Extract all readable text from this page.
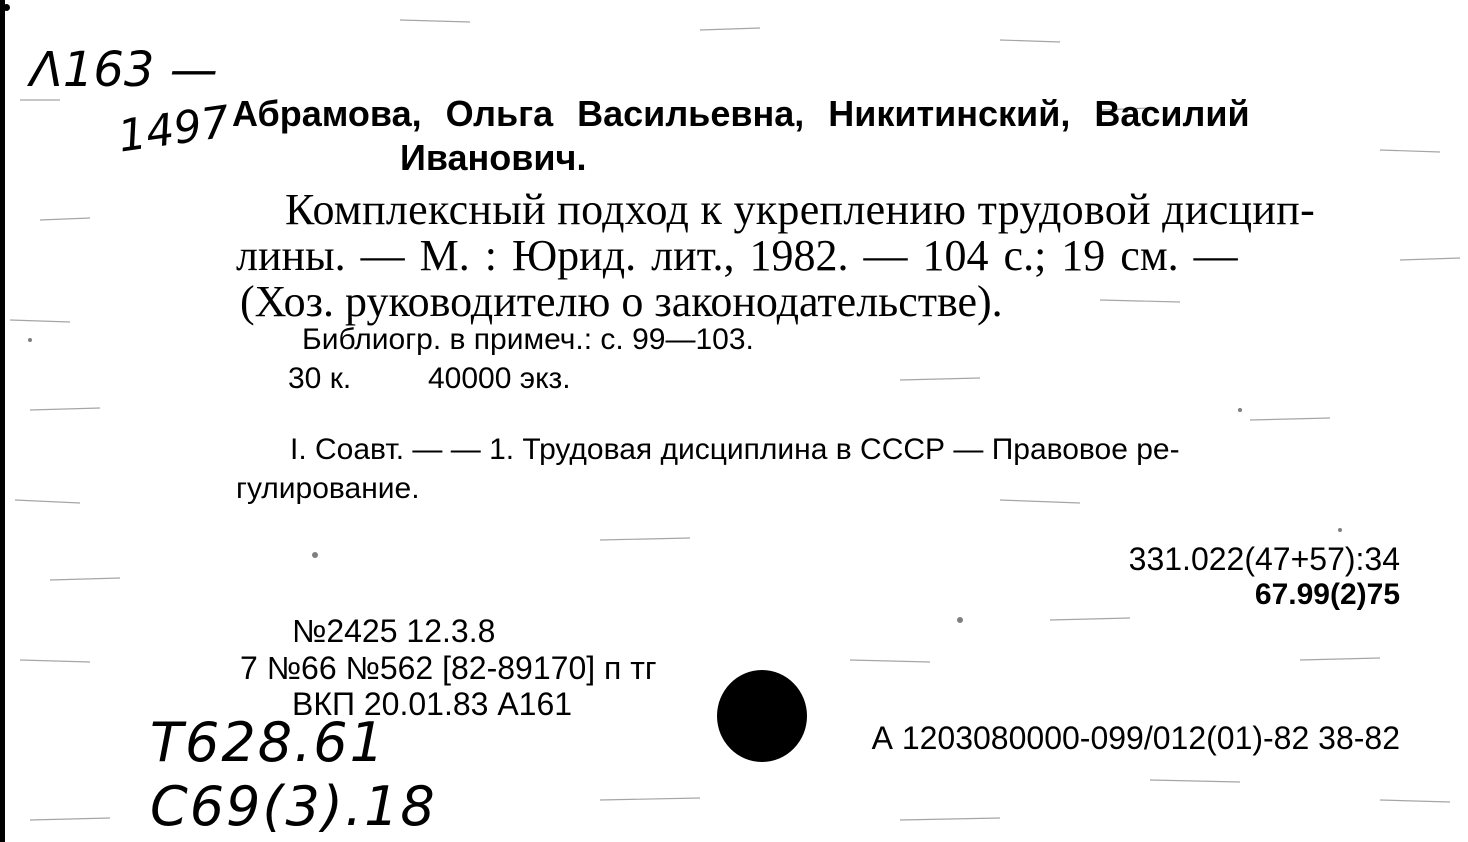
Λ163 —
1497
T628.61
C69(3).18
Абрамова, Ольга Васильевна, Никитинский, Василий
Иванович.
Комплексный подход к укреплению трудовой дисцип-
лины. — М. : Юрид. лит., 1982. — 104 с.; 19 см. —
(Хоз. руководителю о законодательстве).
Библиогр. в примеч.: с. 99—103.
30 к.	40000 экз.
I. Соавт. — — 1. Трудовая дисциплина в СССР — Правовое ре-
гулирование.
331.022(47+57):34
67.99(2)75
№2425 12.3.8
7 №66 №562 [82-89170] п тг
ВКП 20.01.83 А161
А 1203080000-099/012(01)-82 38-82
